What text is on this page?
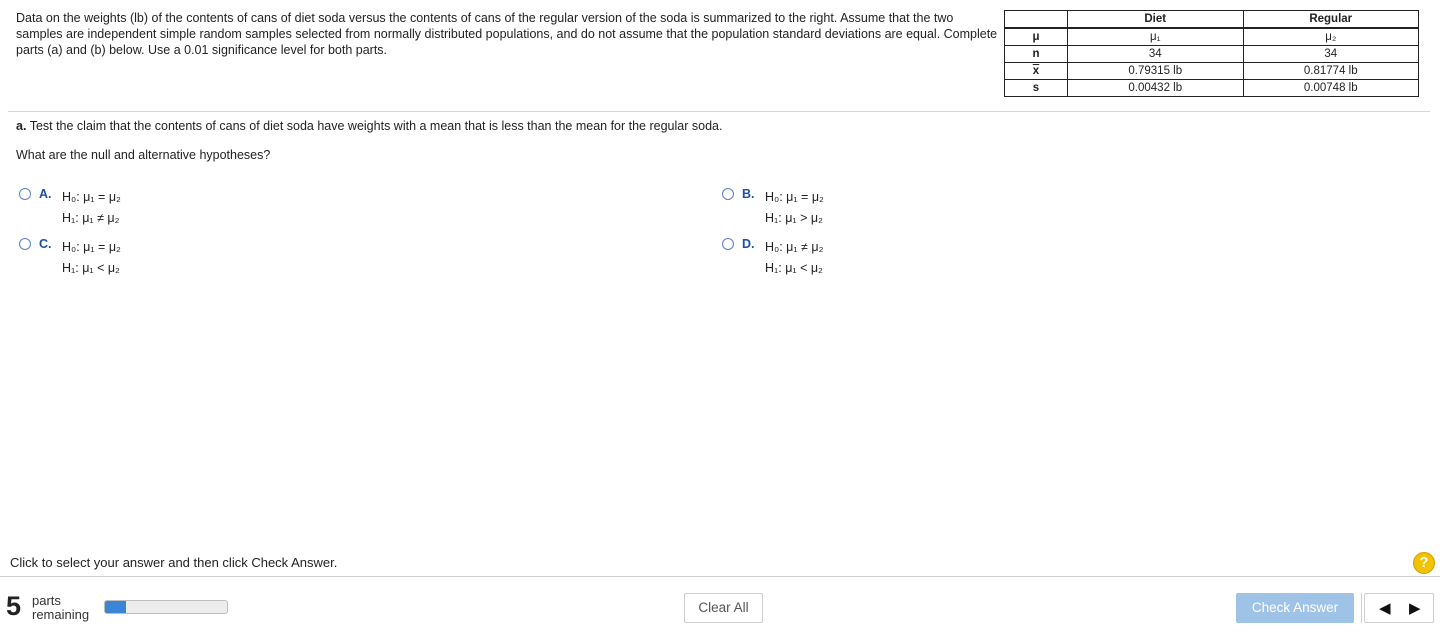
Data on the weights (lb) of the contents of cans of diet soda versus the contents of cans of the regular version of the soda is summarized to the right. Assume that the two samples are independent simple random samples selected from normally distributed populations, and do not assume that the population standard deviations are equal. Complete parts (a) and (b) below. Use a 0.01 significance level for both parts.
	Diet	Regular
μ	μ₁	μ₂
n	34	34
$\overline{x}$	0.79315 lb	0.81774 lb
s	0.00432 lb	0.00748 lb
a. Test the claim that the contents of cans of diet soda have weights with a mean that is less than the mean for the regular soda.
What are the null and alternative hypotheses?
A. H₀: μ₁ = μ₂
H₁: μ₁ ≠ μ₂
B. H₀: μ₁ = μ₂
H₁: μ₁ > μ₂
C. H₀: μ₁ = μ₂
H₁: μ₁ < μ₂
D. H₀: μ₁ ≠ μ₂
H₁: μ₁ < μ₂
Click to select your answer and then click Check Answer.	?
5 parts
remaining	Clear All	Check Answer	◀ ▶
